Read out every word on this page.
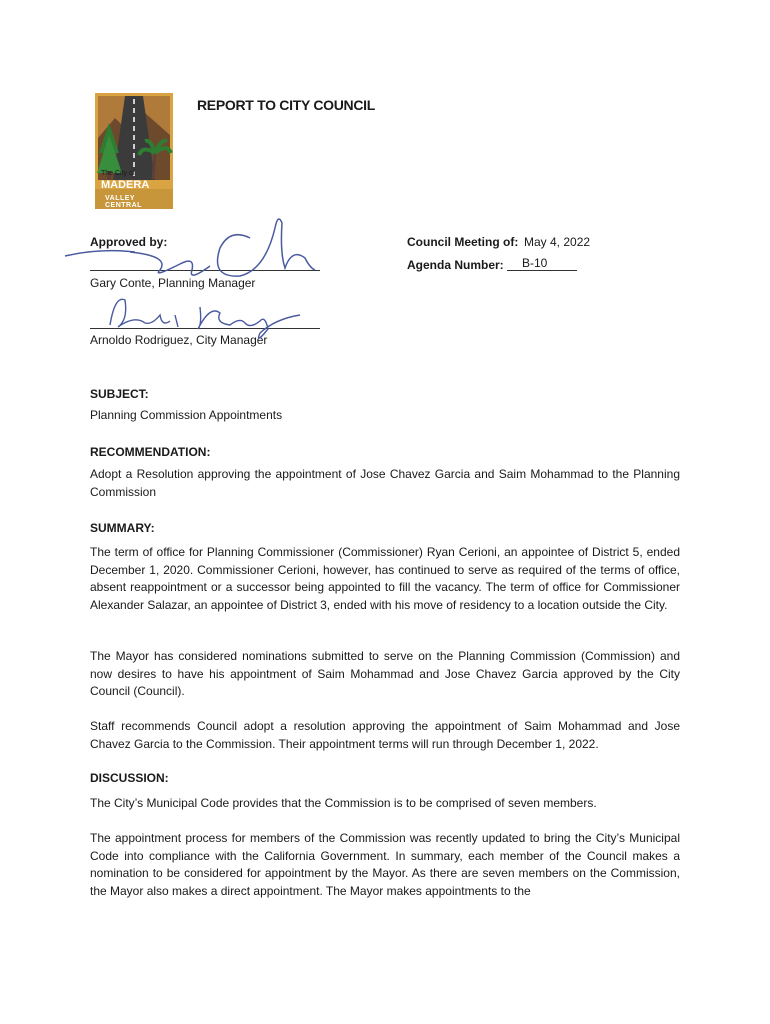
The City of
MADERA
VALLEY CENTRAL
REPORT TO CITY COUNCIL
Approved by:
Gary Conte, Planning Manager
Arnoldo Rodriguez, City Manager
Council Meeting of: May 4, 2022
Agenda Number: B-10
SUBJECT:
Planning Commission Appointments
RECOMMENDATION:
Adopt a Resolution approving the appointment of Jose Chavez Garcia and Saim Mohammad to the Planning Commission
SUMMARY:
The term of office for Planning Commissioner (Commissioner) Ryan Cerioni, an appointee of District 5, ended December 1, 2020. Commissioner Cerioni, however, has continued to serve as required of the terms of office, absent reappointment or a successor being appointed to fill the vacancy. The term of office for Commissioner Alexander Salazar, an appointee of District 3, ended with his move of residency to a location outside the City.
The Mayor has considered nominations submitted to serve on the Planning Commission (Commission) and now desires to have his appointment of Saim Mohammad and Jose Chavez Garcia approved by the City Council (Council).
Staff recommends Council adopt a resolution approving the appointment of Saim Mohammad and Jose Chavez Garcia to the Commission. Their appointment terms will run through December 1, 2022.
DISCUSSION:
The City’s Municipal Code provides that the Commission is to be comprised of seven members.
The appointment process for members of the Commission was recently updated to bring the City’s Municipal Code into compliance with the California Government. In summary, each member of the Council makes a nomination to be considered for appointment by the Mayor. As there are seven members on the Commission, the Mayor also makes a direct appointment. The Mayor makes appointments to the
